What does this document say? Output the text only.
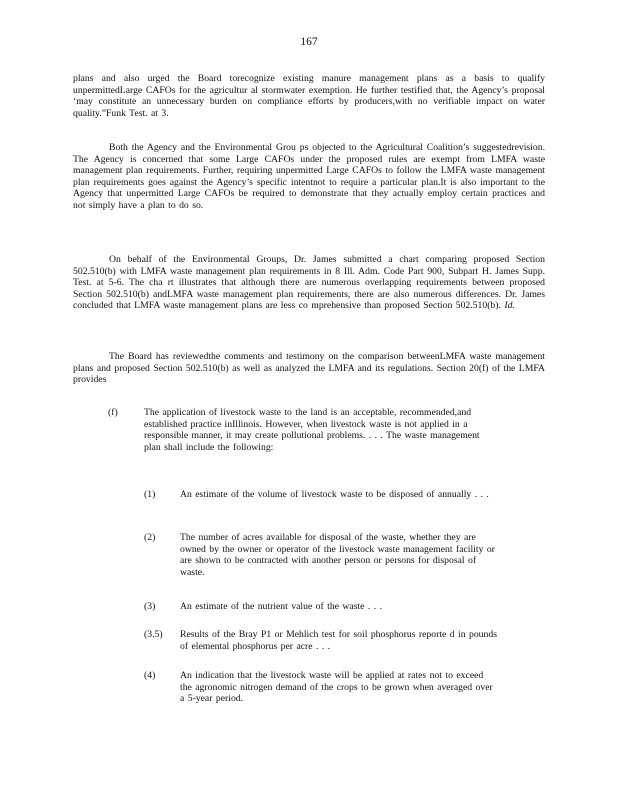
167

plans and also urged the Board torecognize existing manure management plans as a basis to qualify unpermittedLarge CAFOs for the agricultur al stormwater exemption. He further testified that, the Agency’s proposal ‘may constitute an unnecessary burden on compliance efforts by producers,with no verifiable impact on water quality.”Funk Test. at 3.

Both the Agency and the Environmental Grou ps objected to the Agricultural Coalition’s suggestedrevision. The Agency is concerned that some Large CAFOs under the proposed rules are exempt from LMFA waste management plan requirements. Further, requiring unpermitted Large CAFOs to follow the LMFA waste management plan requirements goes against the Agency’s specific intentnot to require a particular plan.It is also important to the Agency that unpermitted Large CAFOs be required to demonstrate that they actually employ certain practices and not simply have a plan to do so.

On behalf of the Environmental Groups, Dr. James submitted a chart comparing proposed Section 502.510(b) with LMFA waste management plan requirements in 8 Ill. Adm. Code Part 900, Subpart H. James Supp. Test. at 5-6. The cha rt illustrates that although there are numerous overlapping requirements between proposed Section 502.510(b) andLMFA waste management plan requirements, there are also numerous differences. Dr. James concluded that LMFA waste management plans are less co mprehensive than proposed Section 502.510(b). Id.

The Board has reviewedthe comments and testimony on the comparison betweenLMFA waste management plans and proposed Section 502.510(b) as well as analyzed the LMFA and its regulations. Section 20(f) of the LMFA provides

(f)	The application of livestock waste to the land is an acceptable, recommended,and established practice inIllinois. However, when livestock waste is not applied in a responsible manner, it may create pollutional problems. . . . The waste management plan shall include the following:

(1)	An estimate of the volume of livestock waste to be disposed of annually . . .

(2)	The number of acres available for disposal of the waste, whether they are owned by the owner or operator of the livestock waste management facility or are shown to be contracted with another person or persons for disposal of waste.

(3)	An estimate of the nutrient value of the waste . . .

(3.5)	Results of the Bray P1 or Mehlich test for soil phosphorus reporte d in pounds of elemental phosphorus per acre . . .

(4)	An indication that the livestock waste will be applied at rates not to exceed the agronomic nitrogen demand of the crops to be grown when averaged over a 5-year period.
